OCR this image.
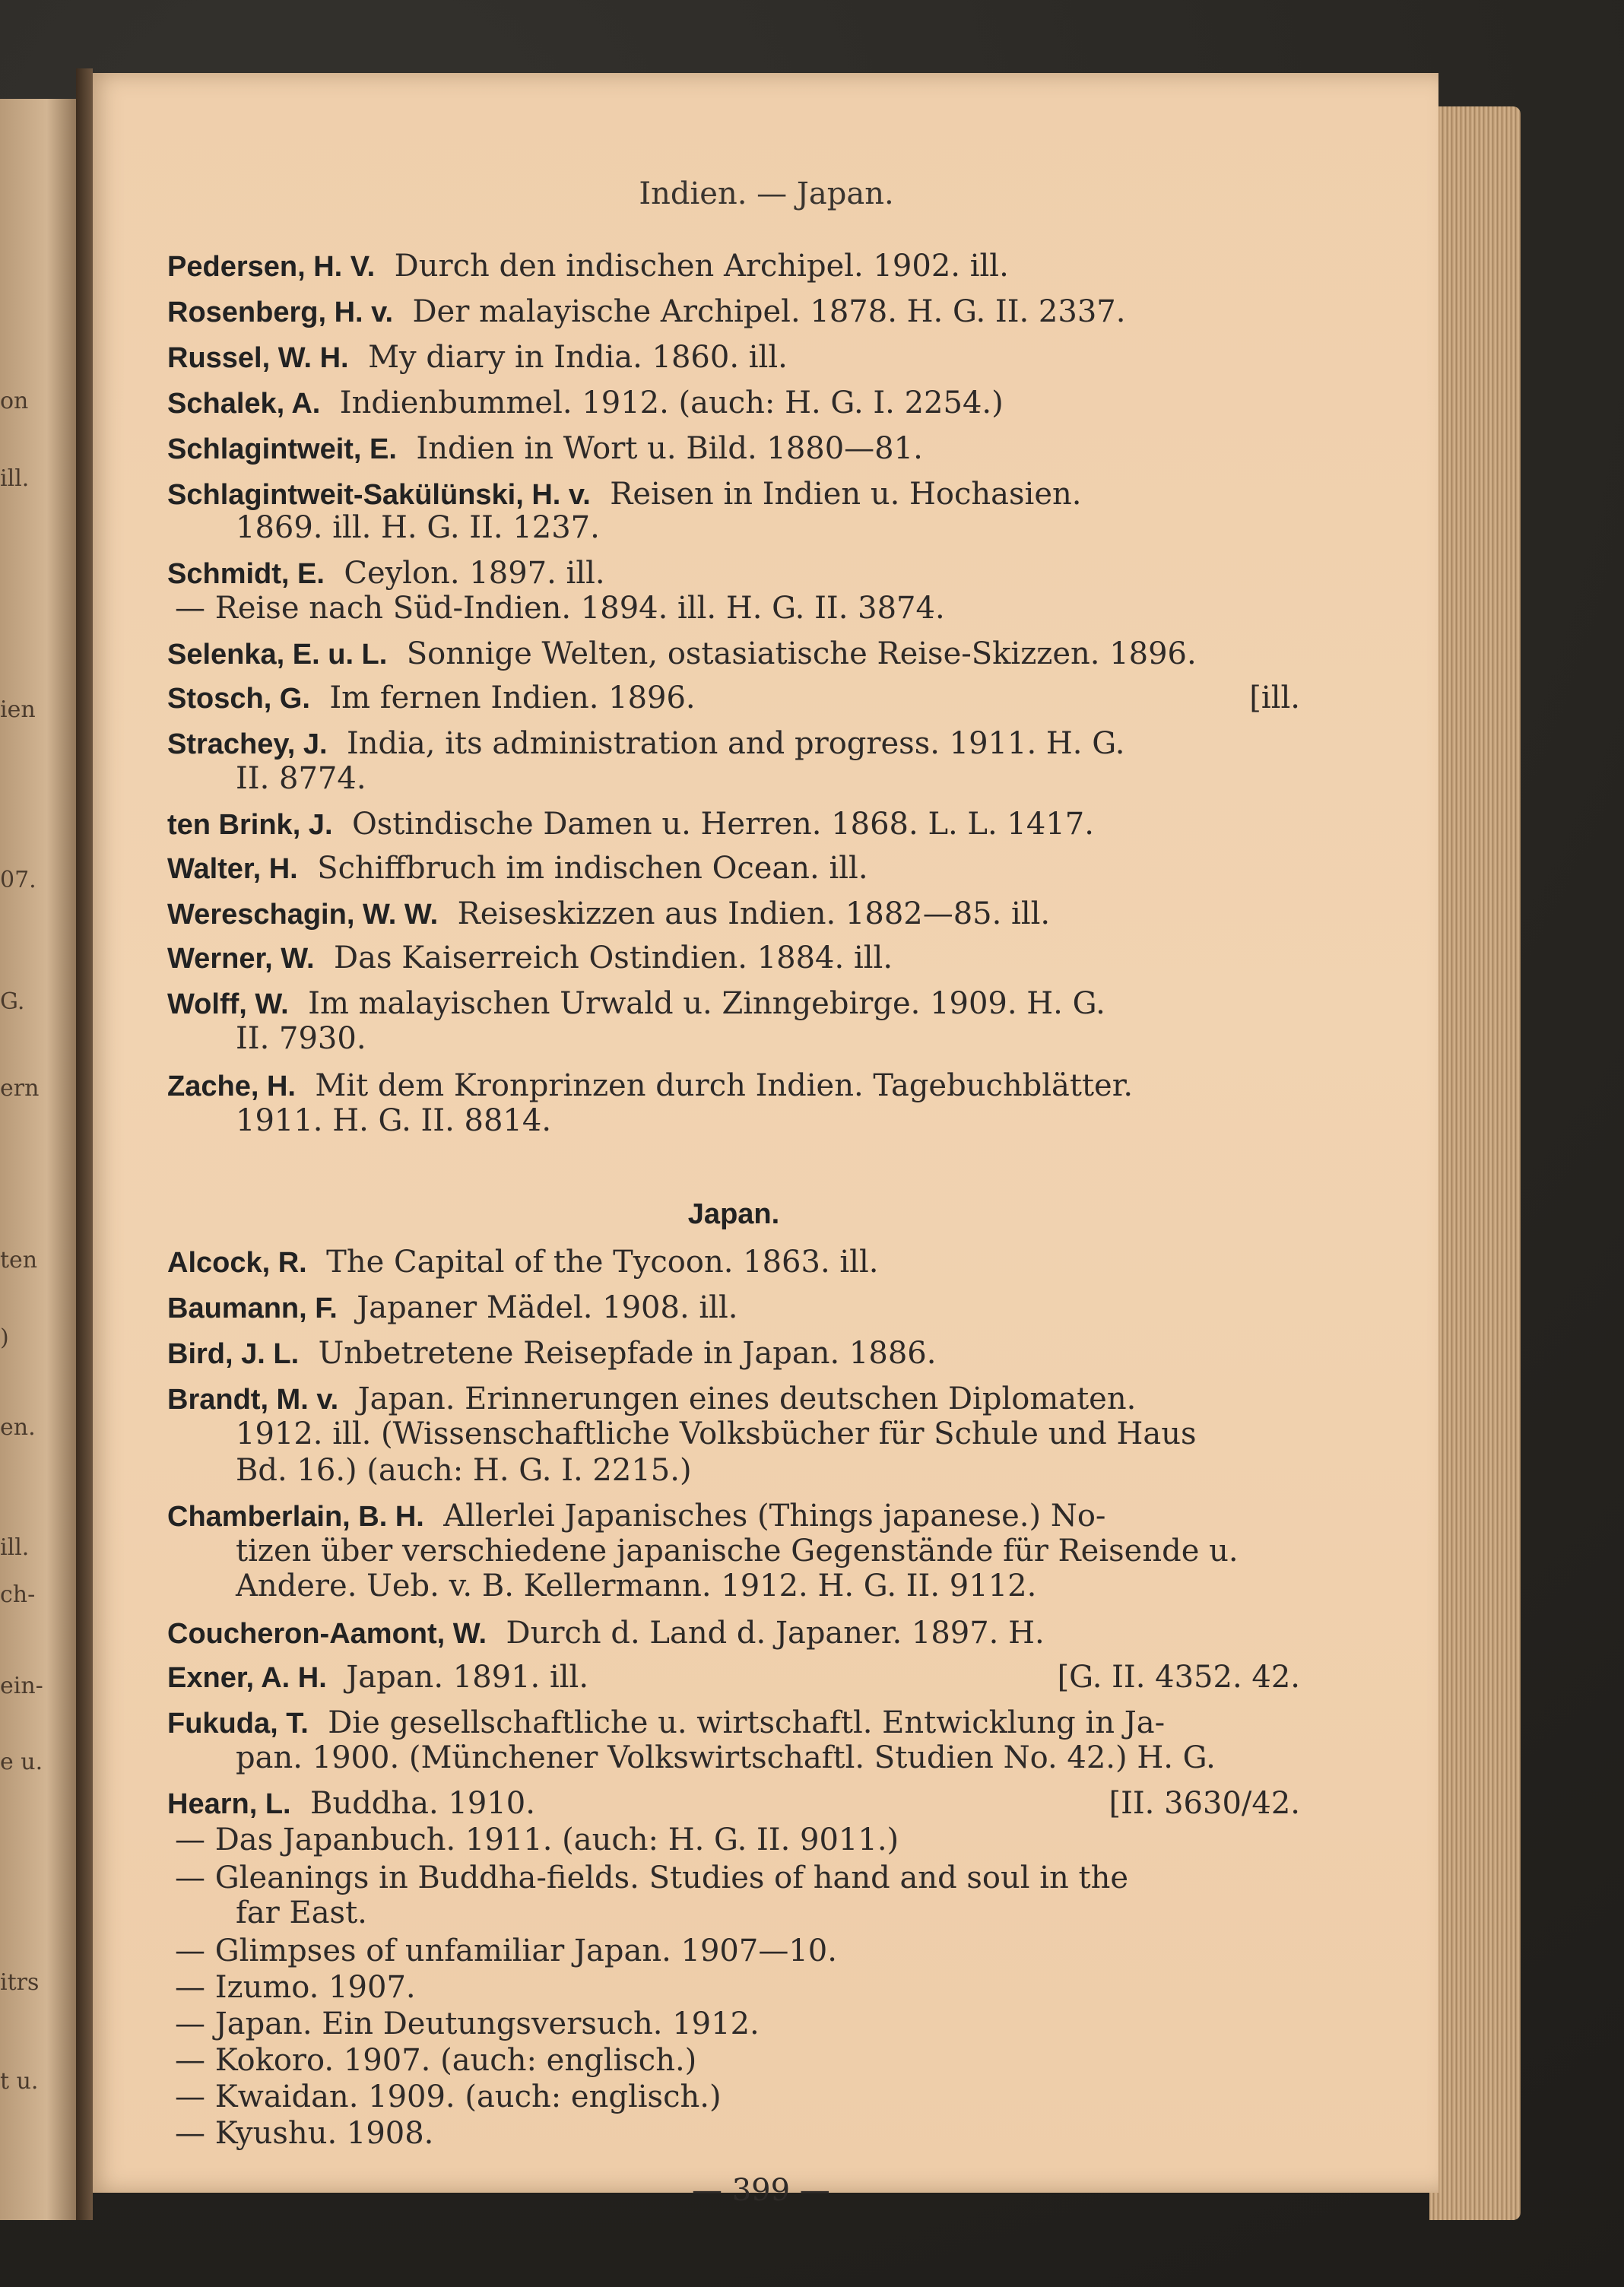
on
ill.
ien
07.
G.
ern
ten
)
en.
ill.
ch-
ein-
e u.
itrs
t u.
Indien. — Japan.
Pedersen, H. V. Durch den indischen Archipel. 1902. ill.
Rosenberg, H. v. Der malayische Archipel. 1878. H. G. II. 2337.
Russel, W. H. My diary in India. 1860. ill.
Schalek, A. Indienbummel. 1912. (auch: H. G. I. 2254.)
Schlagintweit, E. Indien in Wort u. Bild. 1880—81.
Schlagintweit-Sakülünski, H. v. Reisen in Indien u. Hochasien.
1869. ill. H. G. II. 1237.
Schmidt, E. Ceylon. 1897. ill.
— Reise nach Süd-Indien. 1894. ill. H. G. II. 3874.
Selenka, E. u. L. Sonnige Welten, ostasiatische Reise-Skizzen. 1896.
Stosch, G. Im fernen Indien. 1896.	[ill.
Strachey, J. India, its administration and progress. 1911. H. G.
II. 8774.
ten Brink, J. Ostindische Damen u. Herren. 1868. L. L. 1417.
Walter, H. Schiffbruch im indischen Ocean. ill.
Wereschagin, W. W. Reiseskizzen aus Indien. 1882—85. ill.
Werner, W. Das Kaiserreich Ostindien. 1884. ill.
Wolff, W. Im malayischen Urwald u. Zinngebirge. 1909. H. G.
II. 7930.
Zache, H. Mit dem Kronprinzen durch Indien. Tagebuchblätter.
1911. H. G. II. 8814.
Japan.
Alcock, R. The Capital of the Tycoon. 1863. ill.
Baumann, F. Japaner Mädel. 1908. ill.
Bird, J. L. Unbetretene Reisepfade in Japan. 1886.
Brandt, M. v. Japan. Erinnerungen eines deutschen Diplomaten.
1912. ill. (Wissenschaftliche Volksbücher für Schule und Haus
Bd. 16.) (auch: H. G. I. 2215.)
Chamberlain, B. H. Allerlei Japanisches (Things japanese.) No-
tizen über verschiedene japanische Gegenstände für Reisende u.
Andere. Ueb. v. B. Kellermann. 1912. H. G. II. 9112.
Coucheron-Aamont, W. Durch d. Land d. Japaner. 1897. H.
Exner, A. H. Japan. 1891. ill.	[G. II. 4352. 42.
Fukuda, T. Die gesellschaftliche u. wirtschaftl. Entwicklung in Ja-
pan. 1900. (Münchener Volkswirtschaftl. Studien No. 42.) H. G.
Hearn, L. Buddha. 1910.	[II. 3630/42.
— Das Japanbuch. 1911. (auch: H. G. II. 9011.)
— Gleanings in Buddha-fields. Studies of hand and soul in the
far East.
— Glimpses of unfamiliar Japan. 1907—10.
— Izumo. 1907.
— Japan. Ein Deutungsversuch. 1912.
— Kokoro. 1907. (auch: englisch.)
— Kwaidan. 1909. (auch: englisch.)
— Kyushu. 1908.
— 399 —
